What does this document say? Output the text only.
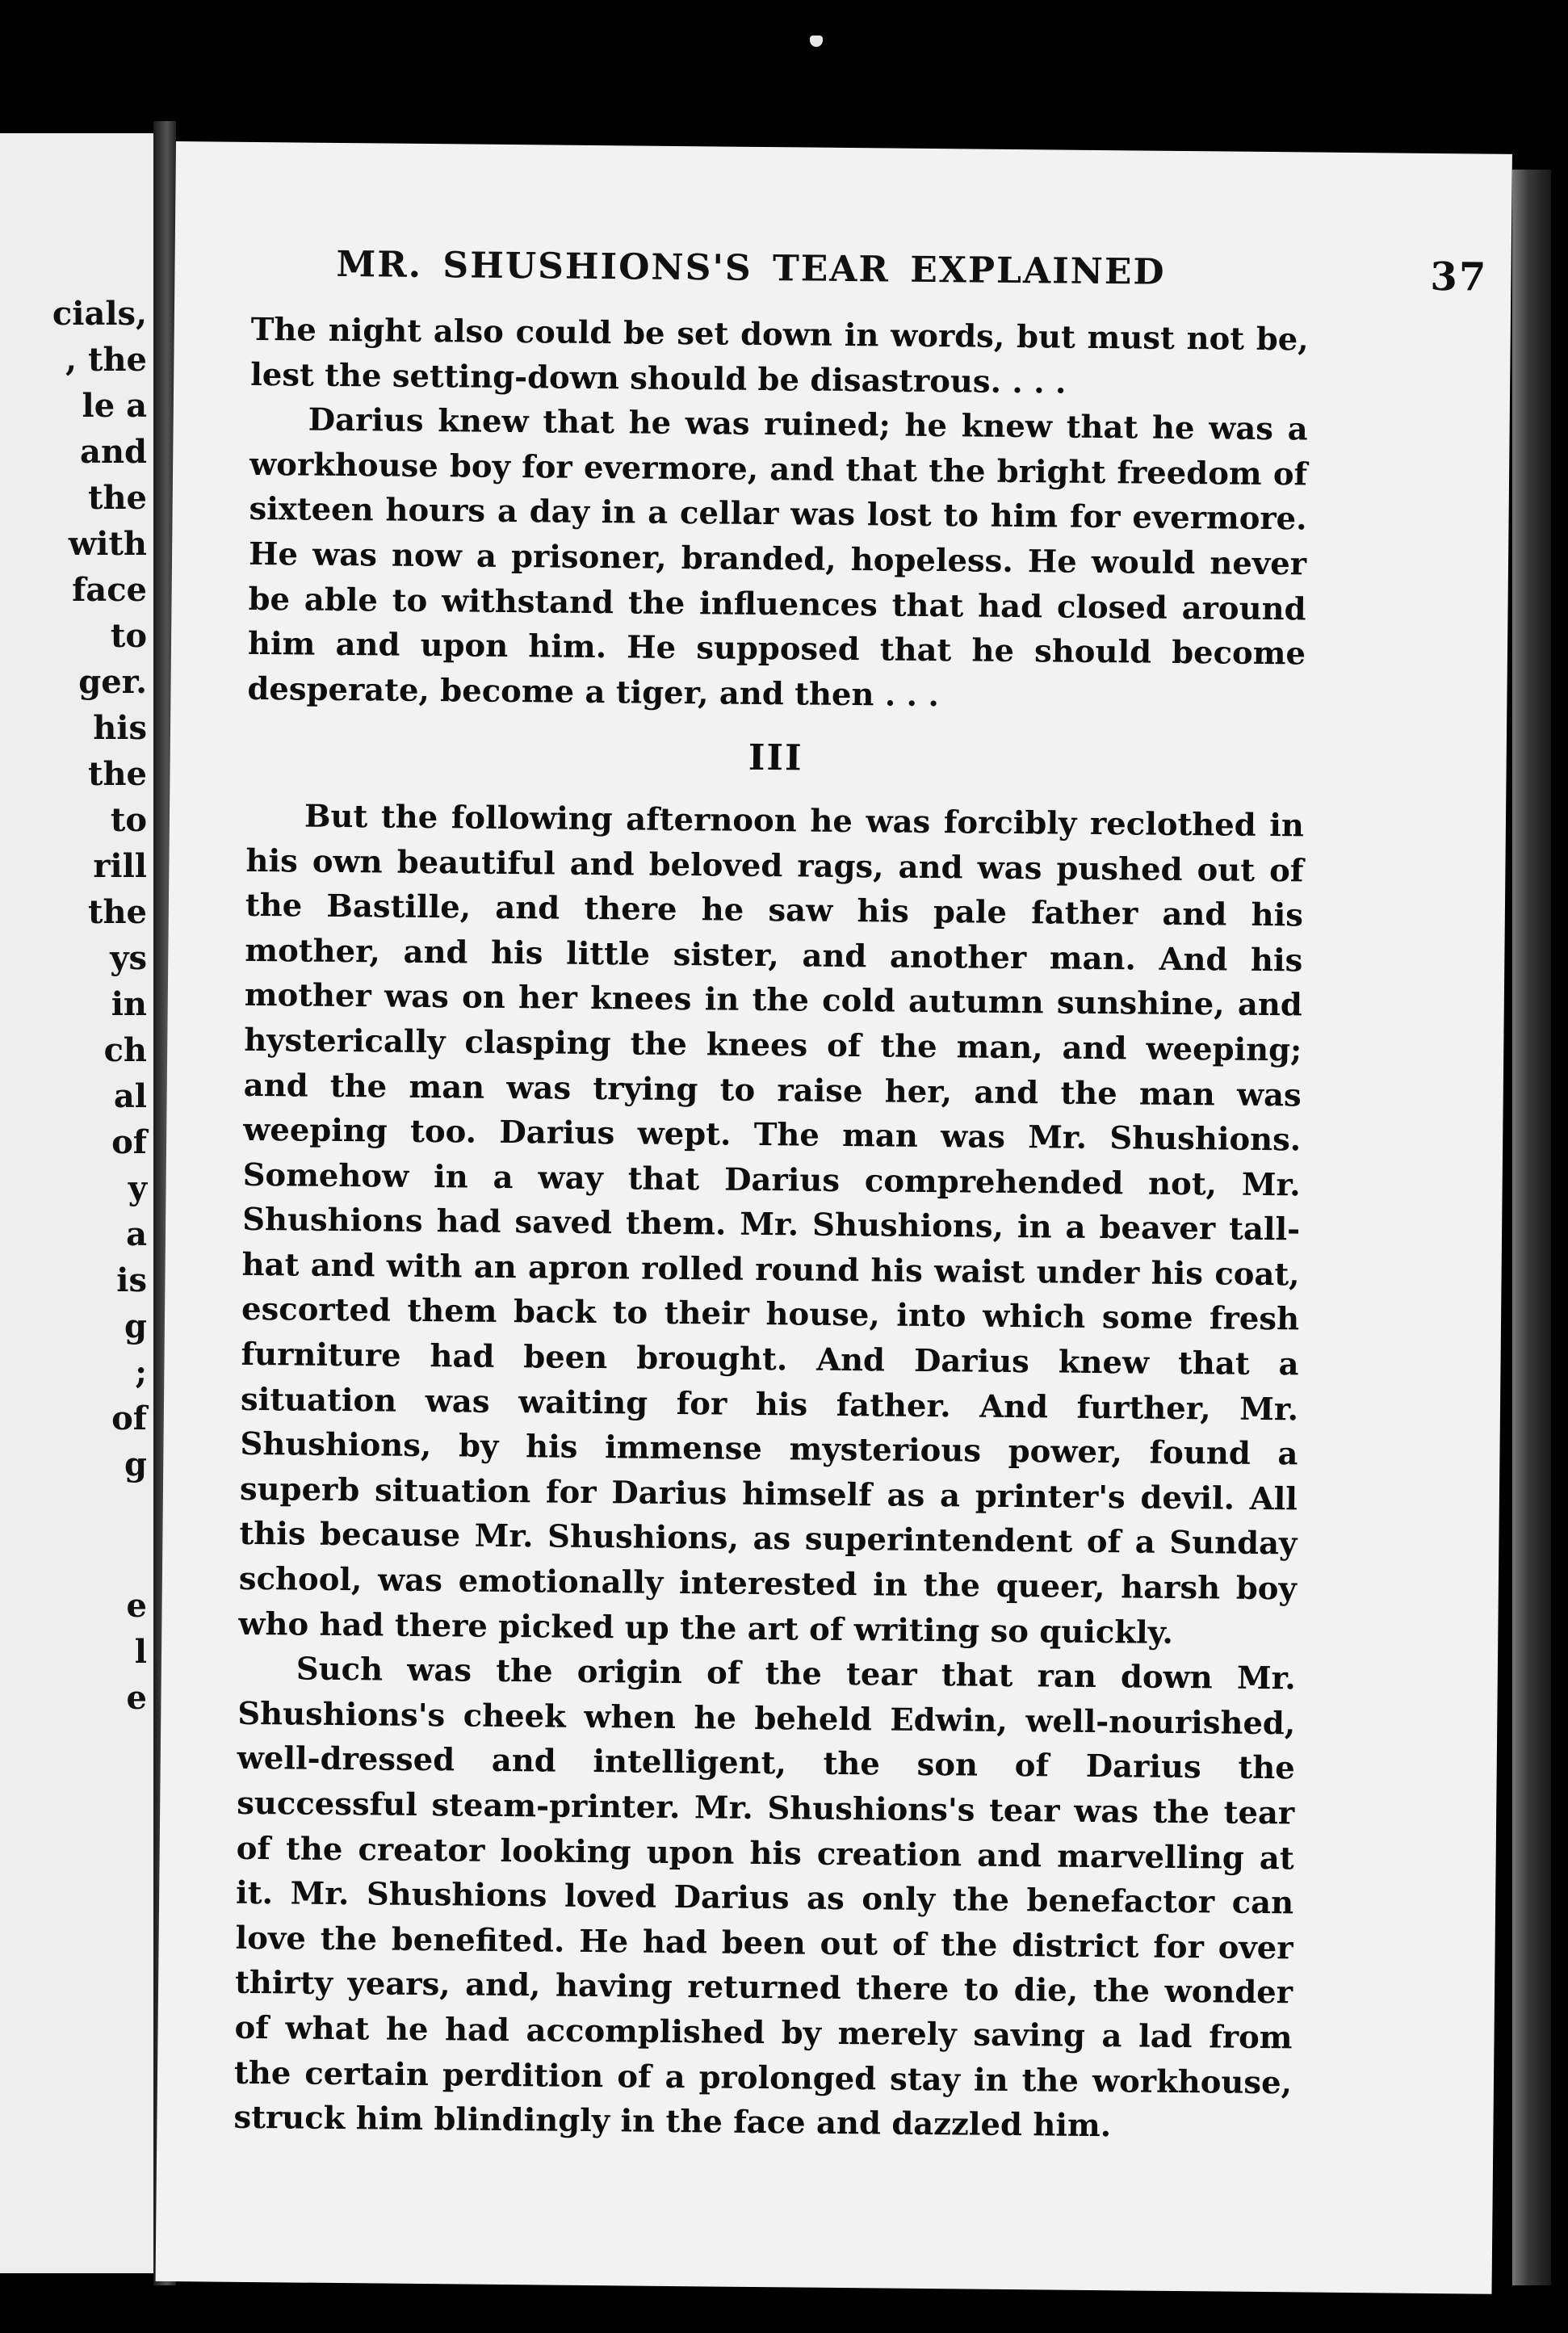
cials,
, the
le a
and
the
with
face
to
ger.
his
the
to
rill
the
ys
in
ch
al
of
y
a
is
g
;
of
g
e
l
e
MR. SHUSHIONS'S TEAR EXPLAINED	37

The night also could be set down in words, but must not be, lest the setting-down should be disastrous. . . .

Darius knew that he was ruined; he knew that he was a workhouse boy for evermore, and that the bright freedom of sixteen hours a day in a cellar was lost to him for evermore. He was now a prisoner, branded, hopeless. He would never be able to withstand the influences that had closed around him and upon him. He supposed that he should become desperate, become a tiger, and then . . .

III

But the following afternoon he was forcibly reclothed in his own beautiful and beloved rags, and was pushed out of the Bastille, and there he saw his pale father and his mother, and his little sister, and another man. And his mother was on her knees in the cold autumn sunshine, and hysterically clasping the knees of the man, and weeping; and the man was trying to raise her, and the man was weeping too. Darius wept. The man was Mr. Shushions. Somehow in a way that Darius comprehended not, Mr. Shushions had saved them. Mr. Shushions, in a beaver tall-hat and with an apron rolled round his waist under his coat, escorted them back to their house, into which some fresh furniture had been brought. And Darius knew that a situation was waiting for his father. And further, Mr. Shushions, by his immense mysterious power, found a superb situation for Darius himself as a printer's devil. All this because Mr. Shushions, as superintendent of a Sunday school, was emotionally interested in the queer, harsh boy who had there picked up the art of writing so quickly.

Such was the origin of the tear that ran down Mr. Shushions's cheek when he beheld Edwin, well-nourished, well-dressed and intelligent, the son of Darius the successful steam-printer. Mr. Shushions's tear was the tear of the creator looking upon his creation and marvelling at it. Mr. Shushions loved Darius as only the benefactor can love the benefited. He had been out of the district for over thirty years, and, having returned there to die, the wonder of what he had accomplished by merely saving a lad from the certain perdition of a prolonged stay in the workhouse, struck him blindingly in the face and dazzled him.
